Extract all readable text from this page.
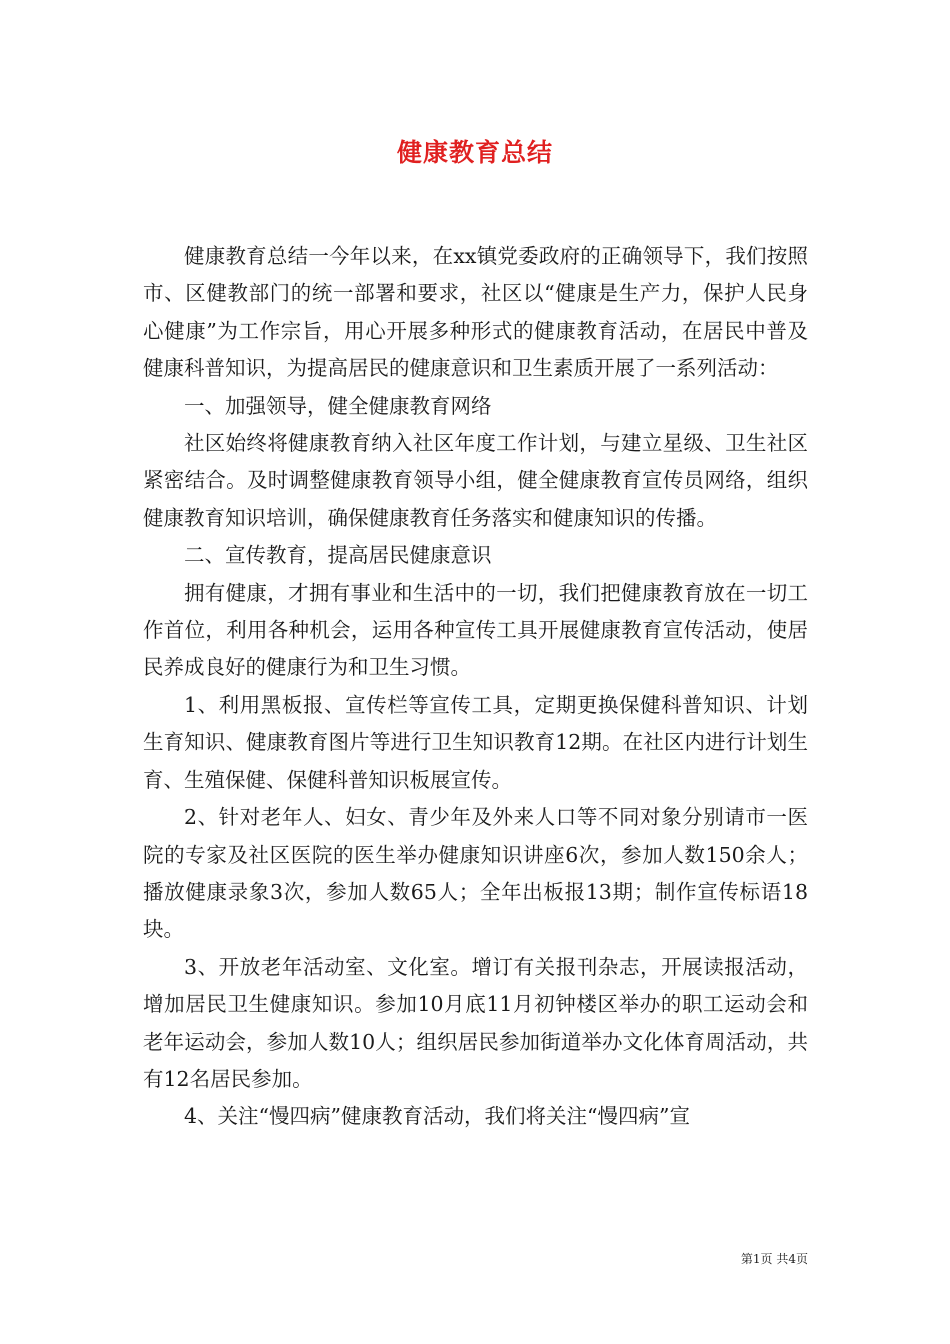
健康教育总结

健康教育总结一今年以来，在xx镇党委政府的正确领导下，我们按照市、区健教部门的统一部署和要求，社区以“健康是生产力，保护人民身心健康”为工作宗旨，用心开展多种形式的健康教育活动，在居民中普及健康科普知识，为提高居民的健康意识和卫生素质开展了一系列活动：

一、加强领导，健全健康教育网络

社区始终将健康教育纳入社区年度工作计划，与建立星级、卫生社区紧密结合。及时调整健康教育领导小组，健全健康教育宣传员网络，组织健康教育知识培训，确保健康教育任务落实和健康知识的传播。

二、宣传教育，提高居民健康意识

拥有健康，才拥有事业和生活中的一切，我们把健康教育放在一切工作首位，利用各种机会，运用各种宣传工具开展健康教育宣传活动，使居民养成良好的健康行为和卫生习惯。

1、利用黑板报、宣传栏等宣传工具，定期更换保健科普知识、计划生育知识、健康教育图片等进行卫生知识教育12期。在社区内进行计划生育、生殖保健、保健科普知识板展宣传。

2、针对老年人、妇女、青少年及外来人口等不同对象分别请市一医院的专家及社区医院的医生举办健康知识讲座6次，参加人数150余人；播放健康录象3次，参加人数65人；全年出板报13期；制作宣传标语18块。

3、开放老年活动室、文化室。增订有关报刊杂志，开展读报活动，增加居民卫生健康知识。参加10月底11月初钟楼区举办的职工运动会和老年运动会，参加人数10人；组织居民参加街道举办文化体育周活动，共有12名居民参加。

4、关注“慢四病”健康教育活动，我们将关注“慢四病”宣

第1页 共4页
